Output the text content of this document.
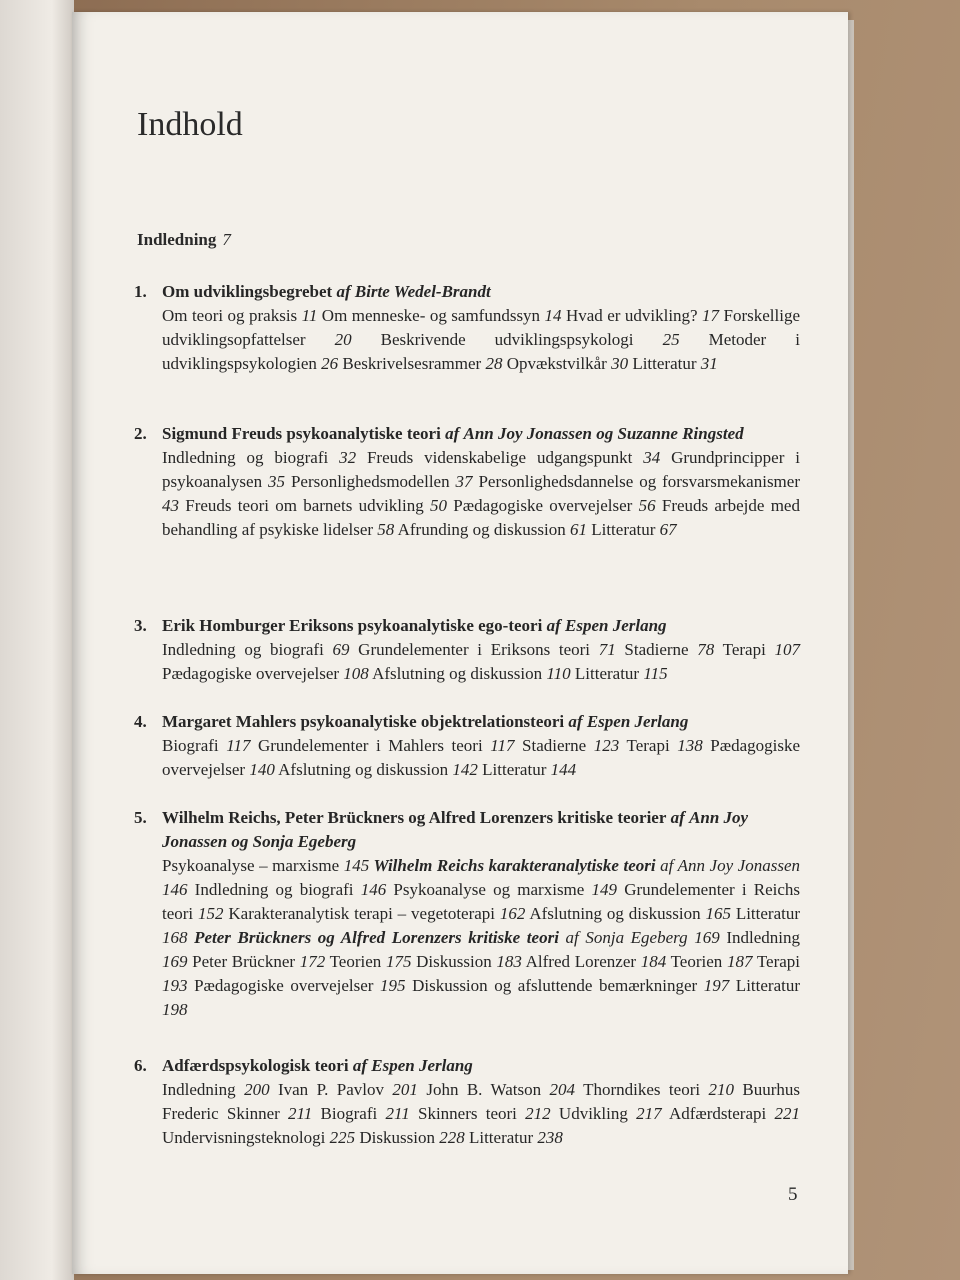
Indhold
Indledning 7
1. Om udviklingsbegrebet af Birte Wedel-Brandt
Om teori og praksis 11 Om menneske- og samfundssyn 14 Hvad er udvikling? 17 Forskellige udviklingsopfattelser 20 Beskrivende udviklingspsykologi 25 Metoder i udviklingspsykologien 26 Beskrivelsesrammer 28 Opvækstvilkår 30 Litteratur 31
2. Sigmund Freuds psykoanalytiske teori af Ann Joy Jonassen og Suzanne Ringsted
Indledning og biografi 32 Freuds videnskabelige udgangspunkt 34 Grundprincipper i psykoanalysen 35 Personlighedsmodellen 37 Personlighedsdannelse og forsvarsmekanismer 43 Freuds teori om barnets udvikling 50 Pædagogiske overvejelser 56 Freuds arbejde med behandling af psykiske lidelser 58 Afrunding og diskussion 61 Litteratur 67
3. Erik Homburger Eriksons psykoanalytiske ego-teori af Espen Jerlang
Indledning og biografi 69 Grundelementer i Eriksons teori 71 Stadierne 78 Terapi 107 Pædagogiske overvejelser 108 Afslutning og diskussion 110 Litteratur 115
4. Margaret Mahlers psykoanalytiske objektrelationsteori af Espen Jerlang
Biografi 117 Grundelementer i Mahlers teori 117 Stadierne 123 Terapi 138 Pædagogiske overvejelser 140 Afslutning og diskussion 142 Litteratur 144
5. Wilhelm Reichs, Peter Brückners og Alfred Lorenzers kritiske teorier af Ann Joy Jonassen og Sonja Egeberg
Psykoanalyse – marxisme 145 Wilhelm Reichs karakteranalytiske teori af Ann Joy Jonassen 146 Indledning og biografi 146 Psykoanalyse og marxisme 149 Grundelementer i Reichs teori 152 Karakteranalytisk terapi – vegetoterapi 162 Afslutning og diskussion 165 Litteratur 168 Peter Brückners og Alfred Lorenzers kritiske teori af Sonja Egeberg 169 Indledning 169 Peter Brückner 172 Teorien 175 Diskussion 183 Alfred Lorenzer 184 Teorien 187 Terapi 193 Pædagogiske overvejelser 195 Diskussion og afsluttende bemærkninger 197 Litteratur 198
6. Adfærdspsykologisk teori af Espen Jerlang
Indledning 200 Ivan P. Pavlov 201 John B. Watson 204 Thorndikes teori 210 Buurhus Frederic Skinner 211 Biografi 211 Skinners teori 212 Udvikling 217 Adfærdsterapi 221 Undervisningsteknologi 225 Diskussion 228 Litteratur 238
5
